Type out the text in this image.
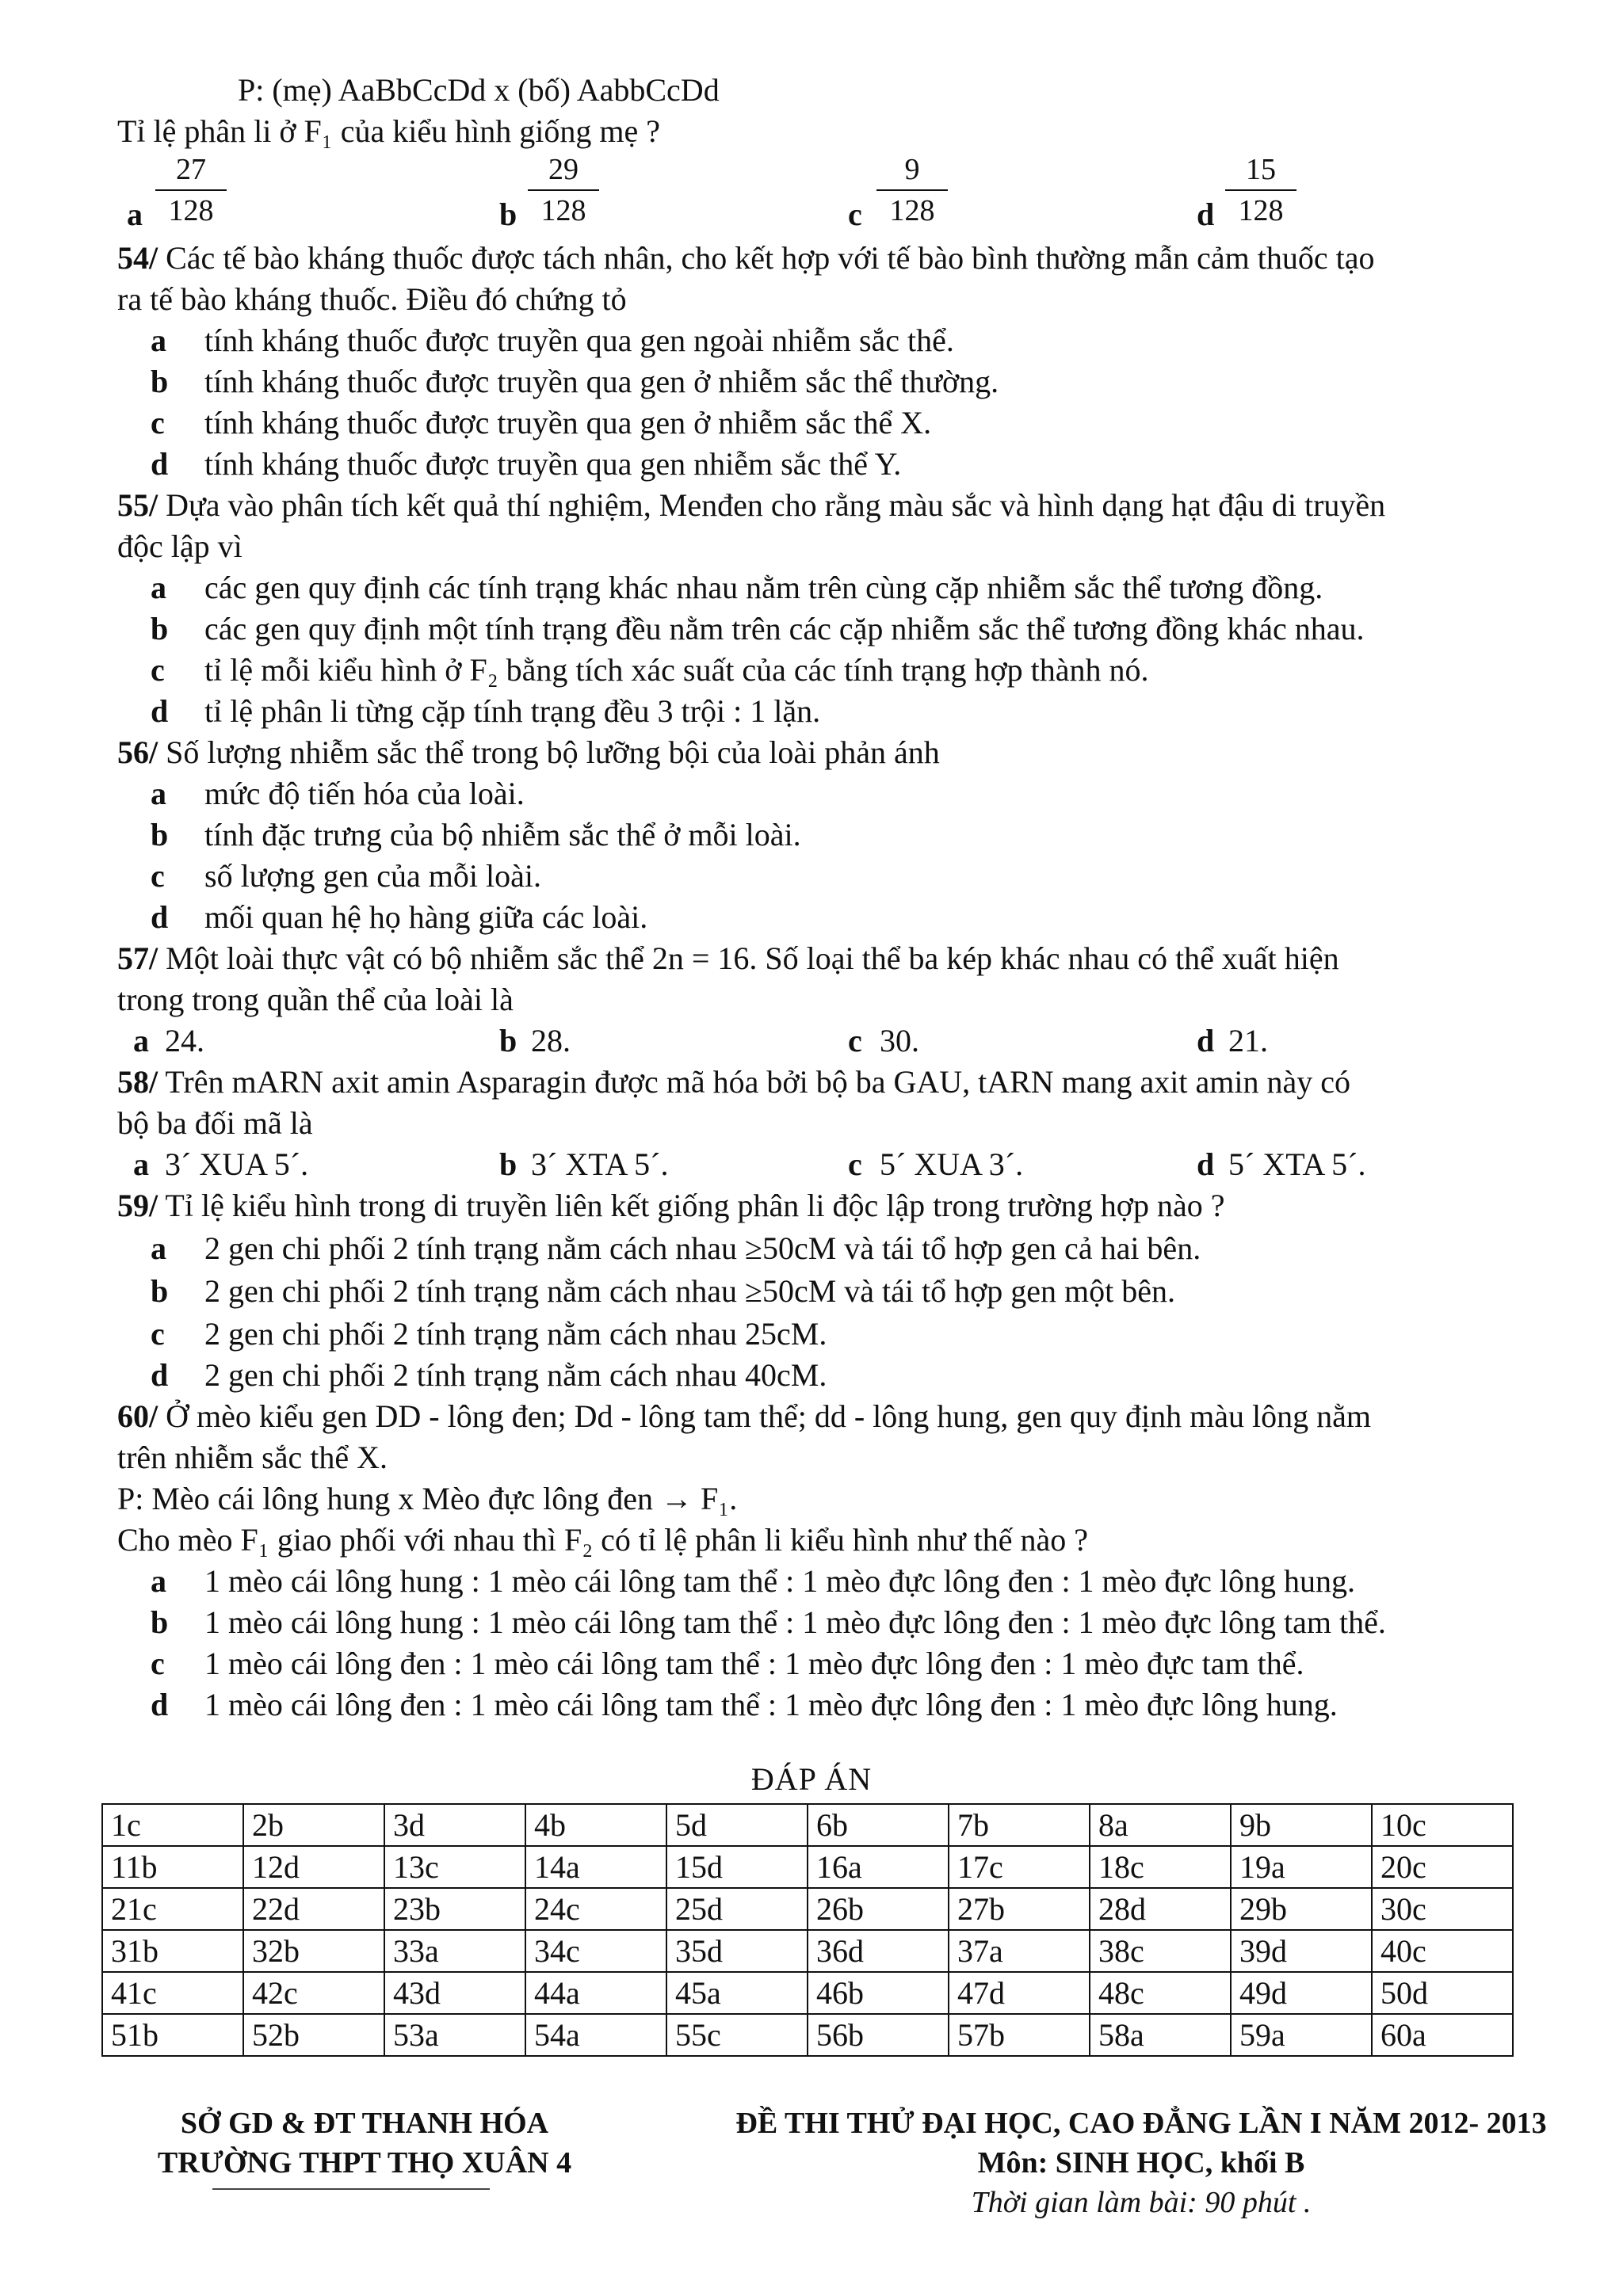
P: (mẹ) AaBbCcDd x (bố) AabbCcDd
Tỉ lệ phân li ở F₁ của kiểu hình giống mẹ ?
a $\frac{27}{128}$	b $\frac{29}{128}$	c $\frac{9}{128}$	d $\frac{15}{128}$
54/ Các tế bào kháng thuốc được tách nhân, cho kết hợp với tế bào bình thường mẫn cảm thuốc tạo
ra tế bào kháng thuốc. Điều đó chứng tỏ
a tính kháng thuốc được truyền qua gen ngoài nhiễm sắc thể.
b tính kháng thuốc được truyền qua gen ở nhiễm sắc thể thường.
c tính kháng thuốc được truyền qua gen ở nhiễm sắc thể X.
d tính kháng thuốc được truyền qua gen nhiễm sắc thể Y.
55/ Dựa vào phân tích kết quả thí nghiệm, Menđen cho rằng màu sắc và hình dạng hạt đậu di truyền
độc lập vì
a các gen quy định các tính trạng khác nhau nằm trên cùng cặp nhiễm sắc thể tương đồng.
b các gen quy định một tính trạng đều nằm trên các cặp nhiễm sắc thể tương đồng khác nhau.
c tỉ lệ mỗi kiểu hình ở F₂ bằng tích xác suất của các tính trạng hợp thành nó.
d tỉ lệ phân li từng cặp tính trạng đều 3 trội : 1 lặn.
56/ Số lượng nhiễm sắc thể trong bộ lưỡng bội của loài phản ánh
a mức độ tiến hóa của loài.
b tính đặc trưng của bộ nhiễm sắc thể ở mỗi loài.
c số lượng gen của mỗi loài.
d mối quan hệ họ hàng giữa các loài.
57/ Một loài thực vật có bộ nhiễm sắc thể 2n = 16. Số loại thể ba kép khác nhau có thể xuất hiện
trong trong quần thể của loài là
a 24.	b 28.	c 30.	d 21.
58/ Trên mARN axit amin Asparagin được mã hóa bởi bộ ba GAU, tARN mang axit amin này có
bộ ba đối mã là
a 3´ XUA 5´.	b 3´ XTA 5´.	c 5´ XUA 3´.	d 5´ XTA 5´.
59/ Tỉ lệ kiểu hình trong di truyền liên kết giống phân li độc lập trong trường hợp nào ?
a 2 gen chi phối 2 tính trạng nằm cách nhau ≥50cM và tái tổ hợp gen cả hai bên.
b 2 gen chi phối 2 tính trạng nằm cách nhau ≥50cM và tái tổ hợp gen một bên.
c 2 gen chi phối 2 tính trạng nằm cách nhau 25cM.
d 2 gen chi phối 2 tính trạng nằm cách nhau 40cM.
60/ Ở mèo kiểu gen DD - lông đen; Dd - lông tam thể; dd - lông hung, gen quy định màu lông nằm
trên nhiễm sắc thể X.
P: Mèo cái lông hung x Mèo đực lông đen → F₁.
Cho mèo F₁ giao phối với nhau thì F₂ có tỉ lệ phân li kiểu hình như thế nào ?
a 1 mèo cái lông hung : 1 mèo cái lông tam thể : 1 mèo đực lông đen : 1 mèo đực lông hung.
b 1 mèo cái lông hung : 1 mèo cái lông tam thể : 1 mèo đực lông đen : 1 mèo đực lông tam thể.
c 1 mèo cái lông đen : 1 mèo cái lông tam thể : 1 mèo đực lông đen : 1 mèo đực tam thể.
d 1 mèo cái lông đen : 1 mèo cái lông tam thể : 1 mèo đực lông đen : 1 mèo đực lông hung.
ĐÁP ÁN
1c	2b	3d	4b	5d	6b	7b	8a	9b	10c
11b	12d	13c	14a	15d	16a	17c	18c	19a	20c
21c	22d	23b	24c	25d	26b	27b	28d	29b	30c
31b	32b	33a	34c	35d	36d	37a	38c	39d	40c
41c	42c	43d	44a	45a	46b	47d	48c	49d	50d
51b	52b	53a	54a	55c	56b	57b	58a	59a	60a
SỞ GD & ĐT THANH HÓA
TRƯỜNG THPT THỌ XUÂN 4
ĐỀ THI THỬ ĐẠI HỌC, CAO ĐẲNG LẦN I NĂM 2012- 2013
Môn: SINH HỌC, khối B
Thời gian làm bài: 90 phút .
